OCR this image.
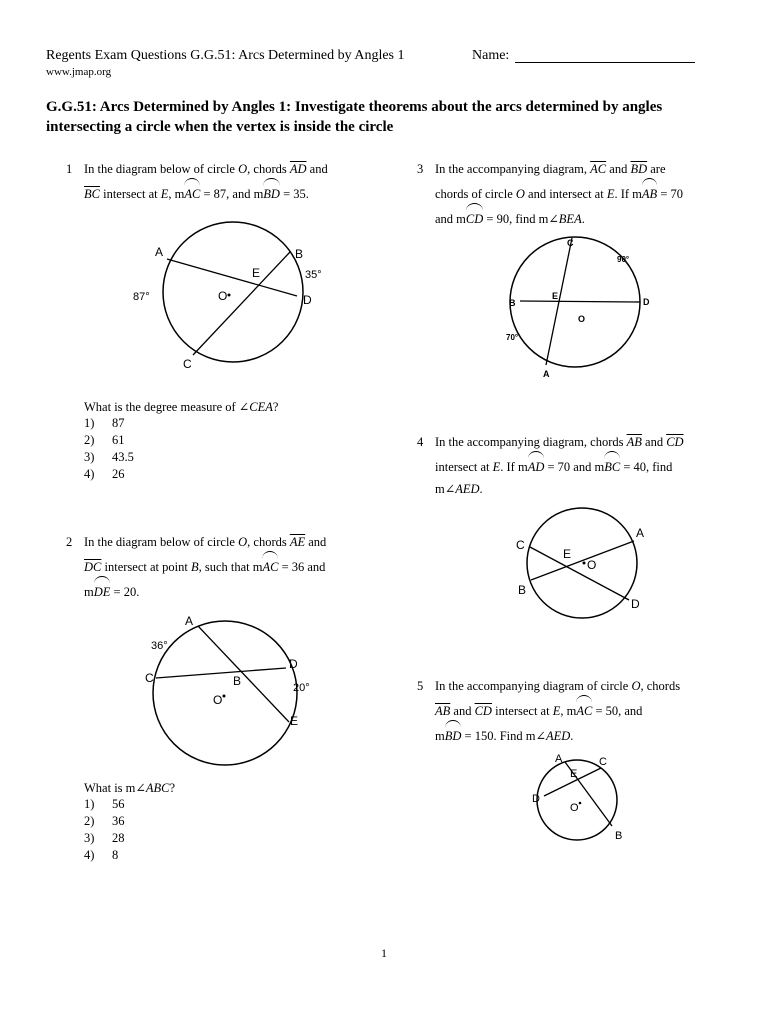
Regents Exam Questions G.G.51: Arcs Determined by Angles 1	Name:
www.jmap.org
G.G.51: Arcs Determined by Angles 1: Investigate theorems about the arcs determined by angles intersecting a circle when the vertex is inside the circle
1 In the diagram below of circle O, chords $\overline{AD}$ and
$\overline{BC}$ intersect at E, mAC = 87, and mBD = 35.
A	B
C
D
E
O
87°
35°
What is the degree measure of ∠CEA?
1)	87
2)	61
3)	43.5
4)	26
2 In the diagram below of circle O, chords $\overline{AE}$ and
$\overline{DC}$ intersect at point B, such that mAC = 36 and
mDE = 20.
A
B
C
D
E
O
36°
20°
What is m∠ABC?
1)	56
2)	36
3)	28
4)	8
3 In the accompanying diagram, $\overline{AC}$ and $\overline{BD}$ are
chords of circle O and intersect at E. If mAB = 70
and mCD = 90, find m∠BEA.
C
B	D
A
E
O
90°
70°
4 In the accompanying diagram, chords $\overline{AB}$ and $\overline{CD}$
intersect at E. If mAD = 70 and mBC = 40, find
m∠AED.
A
B
C
D
E
O
5 In the accompanying diagram of circle O, chords
$\overline{AB}$ and $\overline{CD}$ intersect at E, mAC = 50, and
mBD = 150. Find m∠AED.
A
B
C
D
E
O
1
